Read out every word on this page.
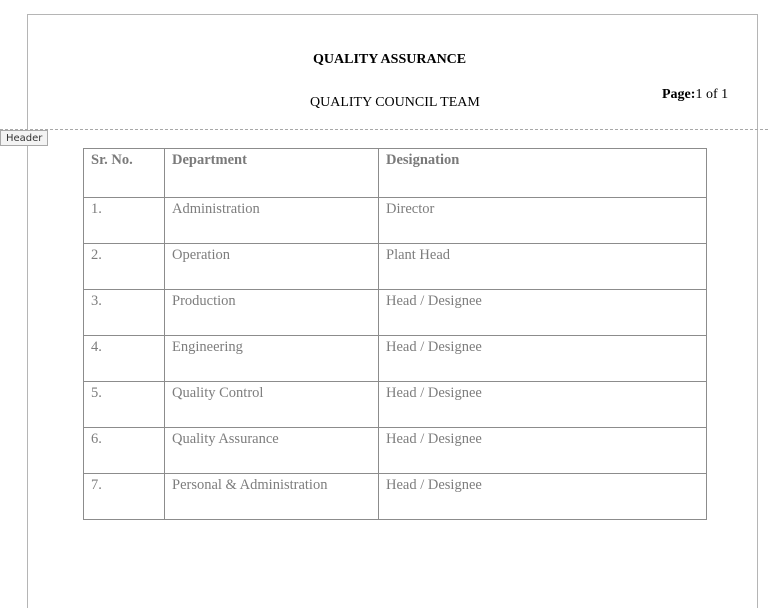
QUALITY ASSURANCE
QUALITY COUNCIL TEAM
Page:1 of 1
Header
Sr. No.	Department	Designation
1.	Administration	Director
2.	Operation	Plant Head
3.	Production	Head / Designee
4.	Engineering	Head / Designee
5.	Quality Control	Head / Designee
6.	Quality Assurance	Head / Designee
7.	Personal & Administration	Head / Designee
